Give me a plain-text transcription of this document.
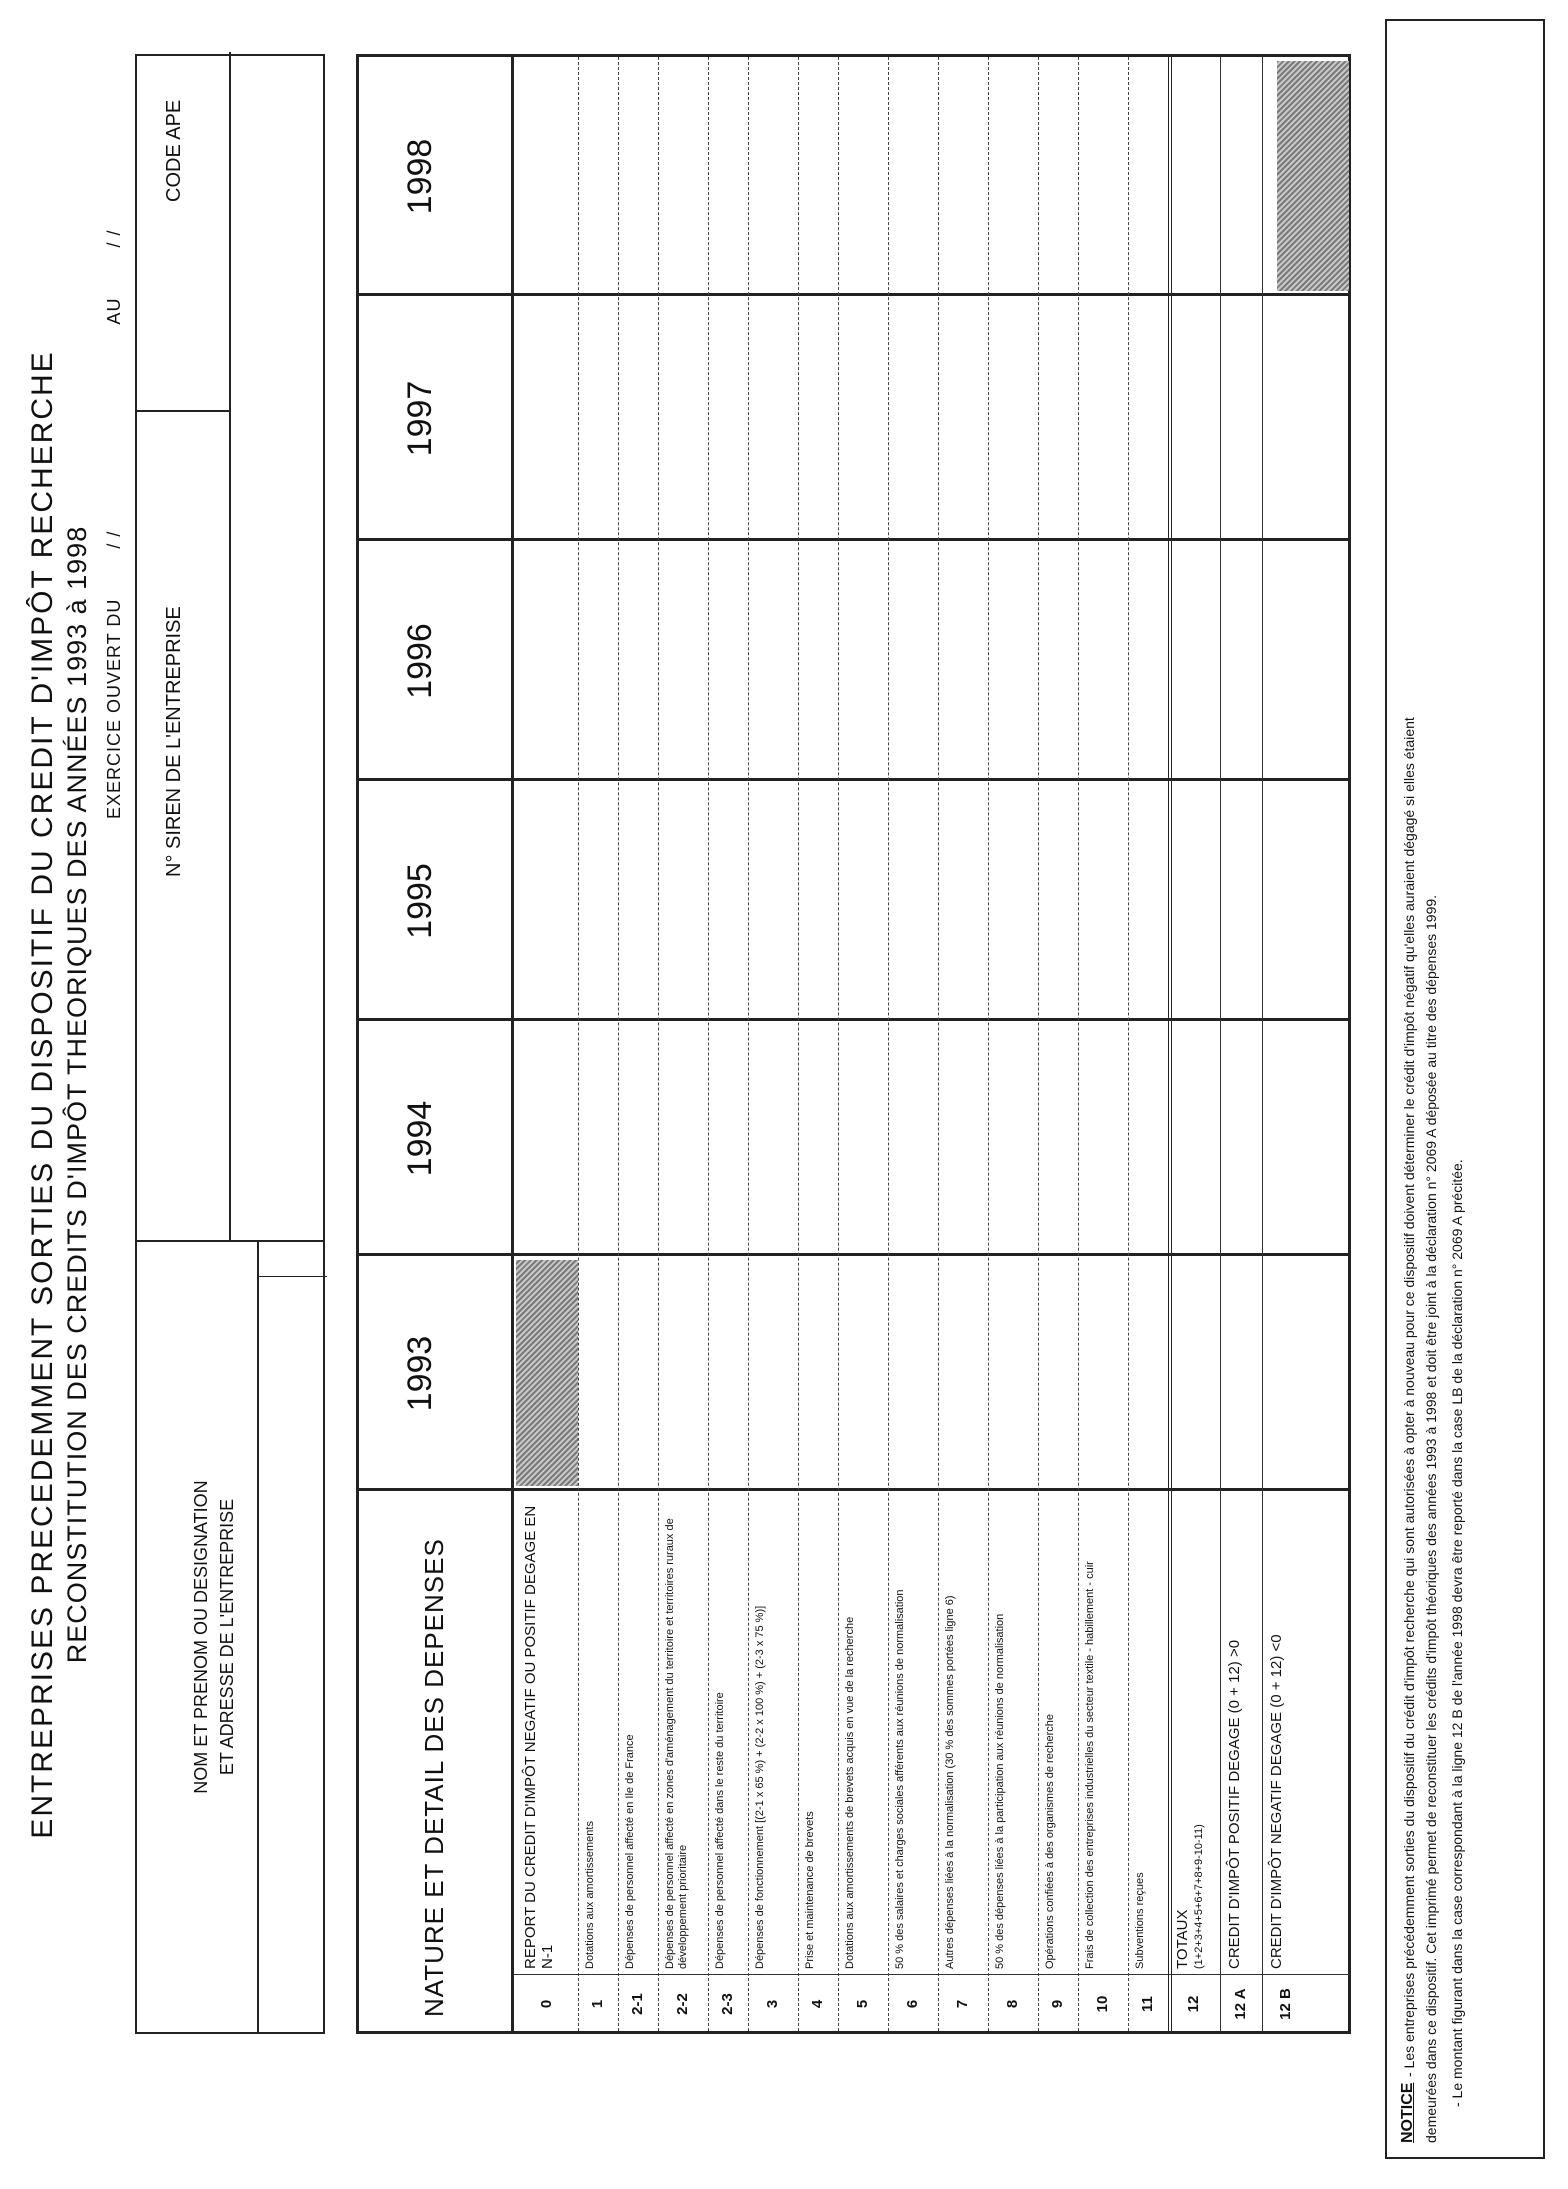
ENTREPRISES PRECEDEMMENT SORTIES DU DISPOSITIF DU CREDIT D'IMPÔT RECHERCHE RECONSTITUTION DES CREDITS D'IMPÔT THEORIQUES DES ANNÉES 1993 à 1998 EXERCICE OUVERT DU / / AU / /
NOM ET PRENOM OU DESIGNATION ET ADRESSE DE L'ENTREPRISE
N° SIREN DE L'ENTREPRISE
CODE APE
NATURE ET DETAIL DES DEPENSES
1993
1994
1995
1996
1997
1998
0
REPORT DU CREDIT D'IMPÔT NEGATIF OU POSITIF DEGAGE EN N-1
1
Dotations aux amortissements
2-1
Dépenses de personnel affecté en Ile de France
2-2
Dépenses de personnel affecté en zones d'aménagement du territoire et territoires ruraux de développement prioritaire
2-3
Dépenses de personnel affecté dans le reste du territoire
3
Dépenses de fonctionnement [(2-1 x 65 %) + (2-2 x 100 %) + (2-3 x 75 %)]
4
Prise et maintenance de brevets
5
Dotations aux amortissements de brevets acquis en vue de la recherche
6
50 % des salaires et charges sociales afférents aux réunions de normalisation
7
Autres dépenses liées à la normalisation (30 % des sommes portées ligne 6)
8
50 % des dépenses liées à la participation aux réunions de normalisation
9
Opérations confiées à des organismes de recherche
10
Frais de collection des entreprises industrielles du secteur textile - habillement - cuir
11
Subventions reçues
12
TOTAUX (1+2+3+4+5+6+7+8+9-10-11)
12 A
CREDIT D'IMPÔT POSITIF DEGAGE (0 + 12) >0
12 B
CREDIT D'IMPÔT NEGATIF DEGAGE (0 + 12) <0
NOTICE
- Les entreprises précédemment sorties du dispositif du crédit d'impôt recherche qui sont autorisées à opter à nouveau pour ce dispositif doivent déterminer le crédit d'impôt négatif qu'elles auraient dégagé si elles étaient demeurées dans ce dispositif. Cet imprimé permet de reconstituer les crédits d'impôt théoriques des années 1993 à 1998 et doit être joint à la déclaration n° 2069 A déposée au titre des dépenses 1999. - Le montant figurant dans la case correspondant à la ligne 12 B de l'année 1998 devra être reporté dans la case LB de la déclaration n° 2069 A précitée.
